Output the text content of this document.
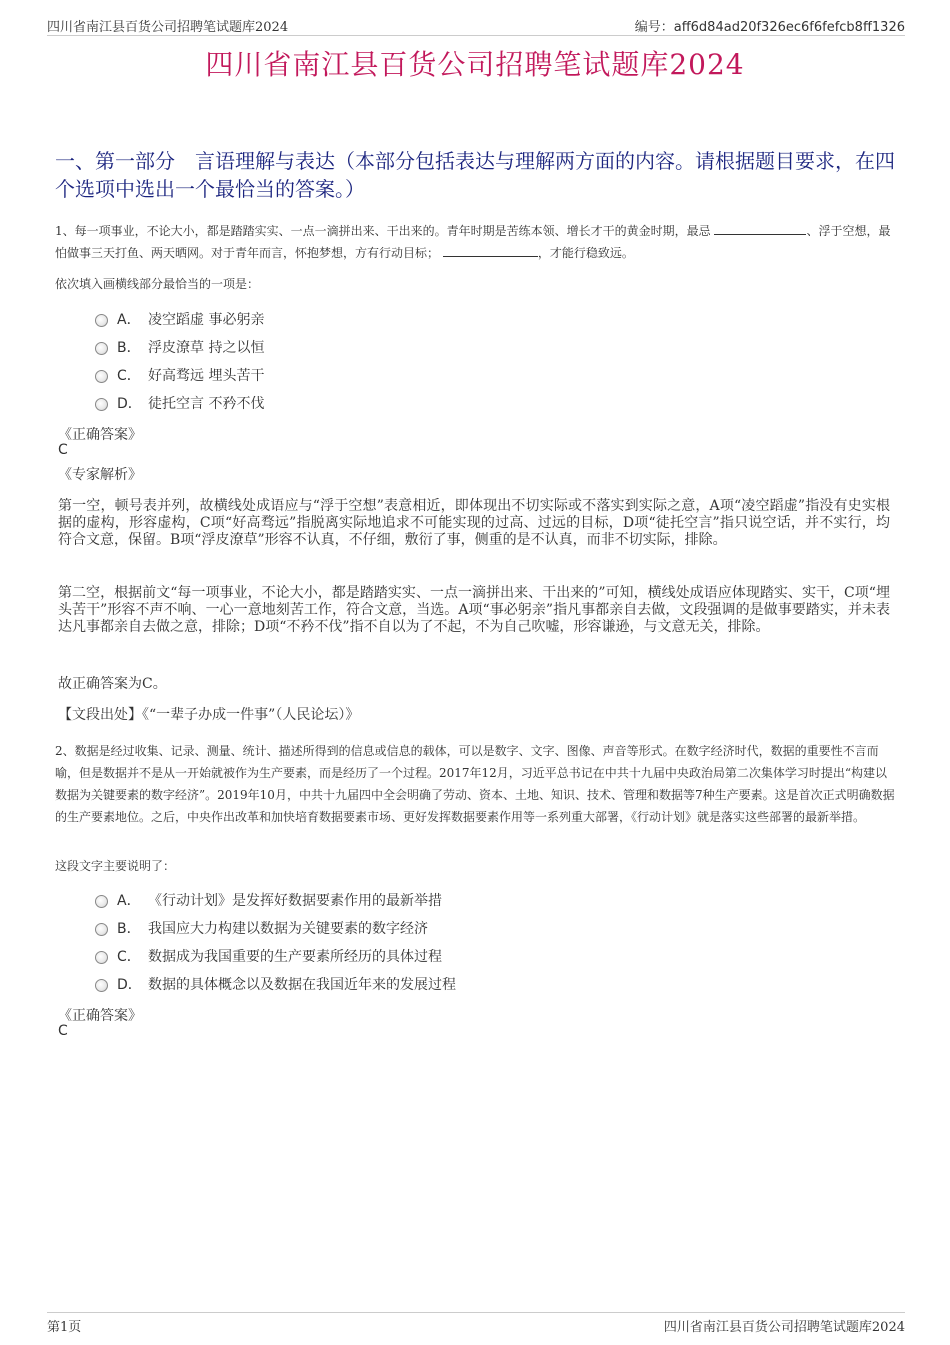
四川省南江县百货公司招聘笔试题库2024	编号：aff6d84ad20f326ec6f6fefcb8ff1326
四川省南江县百货公司招聘笔试题库2024
一、第一部分　言语理解与表达（本部分包括表达与理解两方面的内容。请根据题目要求，在四个选项中选出一个最恰当的答案。）
1、每一项事业，不论大小，都是踏踏实实、一点一滴拼出来、干出来的。青年时期是苦练本领、增长才干的黄金时期，最忌	、浮于空想，最怕做事三天打鱼、两天晒网。对于青年而言，怀抱梦想，方有行动目标；	，才能行稳致远。
依次填入画横线部分最恰当的一项是：
A． 凌空蹈虚 事必躬亲
B． 浮皮潦草 持之以恒
C． 好高骛远 埋头苦干
D． 徒托空言 不矜不伐
《正确答案》
C
《专家解析》
第一空，顿号表并列，故横线处成语应与“浮于空想”表意相近，即体现出不切实际或不落实到实际之意，A项“凌空蹈虚”指没有史实根据的虚构，形容虚构，C项“好高骛远”指脱离实际地追求不可能实现的过高、过远的目标，D项“徒托空言”指只说空话，并不实行，均符合文意，保留。B项“浮皮潦草”形容不认真，不仔细，敷衍了事，侧重的是不认真，而非不切实际，排除。
第二空，根据前文“每一项事业，不论大小，都是踏踏实实、一点一滴拼出来、干出来的”可知，横线处成语应体现踏实、实干，C项“埋头苦干”形容不声不响、一心一意地刻苦工作，符合文意，当选。A项“事必躬亲”指凡事都亲自去做，文段强调的是做事要踏实，并未表达凡事都亲自去做之意，排除；D项“不矜不伐”指不自以为了不起，不为自己吹嘘，形容谦逊，与文意无关，排除。
故正确答案为C。
【文段出处】《“一辈子办成一件事”（人民论坛）》
2、数据是经过收集、记录、测量、统计、描述所得到的信息或信息的载体，可以是数字、文字、图像、声音等形式。在数字经济时代，数据的重要性不言而喻，但是数据并不是从一开始就被作为生产要素，而是经历了一个过程。2017年12月，习近平总书记在中共十九届中央政治局第二次集体学习时提出“构建以数据为关键要素的数字经济”。2019年10月，中共十九届四中全会明确了劳动、资本、土地、知识、技术、管理和数据等7种生产要素。这是首次正式明确数据的生产要素地位。之后，中央作出改革和加快培育数据要素市场、更好发挥数据要素作用等一系列重大部署，《行动计划》就是落实这些部署的最新举措。
这段文字主要说明了：
A． 《行动计划》是发挥好数据要素作用的最新举措
B． 我国应大力构建以数据为关键要素的数字经济
C． 数据成为我国重要的生产要素所经历的具体过程
D． 数据的具体概念以及数据在我国近年来的发展过程
《正确答案》
C
第1页	四川省南江县百货公司招聘笔试题库2024
